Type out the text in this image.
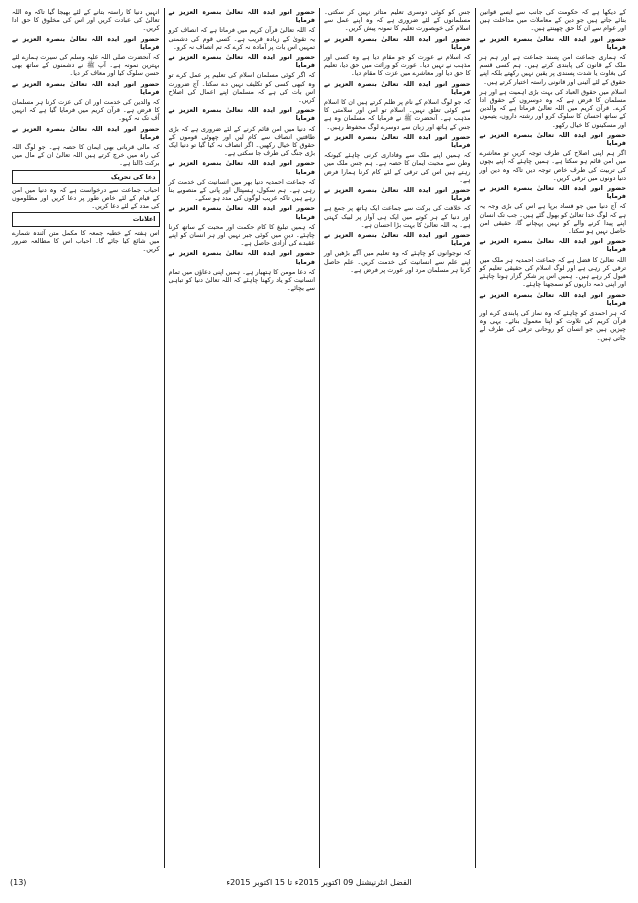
کے دیکھا ہے کہ حکومت کی جانب سے ایسے قوانین بنائے جاتے ہیں جو دین کے معاملات میں مداخلت ہیں اور عوام سے ان کا حق چھینتے ہیں۔

حضور انور ایدہ اللہ تعالیٰ بنصرہ العزیز نے فرمایا

کہ ہماری جماعت امن پسند جماعت ہے اور ہم ہر ملک کے قانون کی پابندی کرتے ہیں۔ ہم کسی قسم کی بغاوت یا شدت پسندی پر یقین نہیں رکھتے بلکہ اپنے حقوق کے لئے آئینی اور قانونی راستہ اختیار کرتے ہیں۔

اسلام میں حقوق العباد کی بہت بڑی اہمیت ہے اور ہر مسلمان کا فرض ہے کہ وہ دوسروں کے حقوق ادا کرے۔ قرآن کریم میں اللہ تعالیٰ فرماتا ہے کہ والدین کے ساتھ احسان کا سلوک کرو اور رشتہ داروں، یتیموں اور مسکینوں کا خیال رکھو۔

حضور انور ایدہ اللہ تعالیٰ بنصرہ العزیز نے فرمایا

اگر ہم اپنی اصلاح کی طرف توجہ کریں تو معاشرے میں امن قائم ہو سکتا ہے۔ ہمیں چاہئے کہ اپنے بچوں کی تربیت کی طرف خاص توجہ دیں تاکہ وہ دین اور دنیا دونوں میں ترقی کریں۔

حضور انور ایدہ اللہ تعالیٰ بنصرہ العزیز نے فرمایا

کہ آج دنیا میں جو فساد برپا ہے اس کی بڑی وجہ یہ ہے کہ لوگ خدا تعالیٰ کو بھول گئے ہیں۔ جب تک انسان اپنے پیدا کرنے والے کو نہیں پہچانے گا، حقیقی امن حاصل نہیں ہو سکتا۔

حضور انور ایدہ اللہ تعالیٰ بنصرہ العزیز نے فرمایا

اللہ تعالیٰ کا فضل ہے کہ جماعت احمدیہ ہر ملک میں ترقی کر رہی ہے اور لوگ اسلام کی حقیقی تعلیم کو قبول کر رہے ہیں۔ ہمیں اس پر شکر گزار ہونا چاہئے اور اپنی ذمہ داریوں کو سمجھنا چاہئے۔

حضور انور ایدہ اللہ تعالیٰ بنصرہ العزیز نے فرمایا

کہ ہر احمدی کو چاہئے کہ وہ نماز کی پابندی کرے اور قرآن کریم کی تلاوت کو اپنا معمول بنائے۔ یہی وہ چیزیں ہیں جو انسان کو روحانی ترقی کی طرف لے جاتی ہیں۔

جس کو کوئی دوسری تعلیم متاثر نہیں کر سکتی۔ مسلمانوں کے لئے ضروری ہے کہ وہ اپنے عمل سے اسلام کی خوبصورت تعلیم کا نمونہ پیش کریں۔

حضور انور ایدہ اللہ تعالیٰ بنصرہ العزیز نے فرمایا

کہ اسلام نے عورت کو جو مقام دیا ہے وہ کسی اور مذہب نے نہیں دیا۔ عورت کو وراثت میں حق دیا، تعلیم کا حق دیا اور معاشرے میں عزت کا مقام دیا۔

حضور انور ایدہ اللہ تعالیٰ بنصرہ العزیز نے فرمایا

کہ جو لوگ اسلام کے نام پر ظلم کرتے ہیں ان کا اسلام سے کوئی تعلق نہیں۔ اسلام تو امن اور سلامتی کا مذہب ہے۔ آنحضرت ﷺ نے فرمایا کہ مسلمان وہ ہے جس کے ہاتھ اور زبان سے دوسرے لوگ محفوظ رہیں۔

حضور انور ایدہ اللہ تعالیٰ بنصرہ العزیز نے فرمایا

کہ ہمیں اپنے ملک سے وفاداری کرنی چاہئے کیونکہ وطن سے محبت ایمان کا حصہ ہے۔ ہم جس ملک میں رہتے ہیں اس کی ترقی کے لئے کام کرنا ہمارا فرض ہے۔

حضور انور ایدہ اللہ تعالیٰ بنصرہ العزیز نے فرمایا

کہ خلافت کی برکت سے جماعت ایک ہاتھ پر جمع ہے اور دنیا کے ہر کونے میں ایک ہی آواز پر لبیک کہتی ہے۔ یہ اللہ تعالیٰ کا بہت بڑا احسان ہے۔

حضور انور ایدہ اللہ تعالیٰ بنصرہ العزیز نے فرمایا

کہ نوجوانوں کو چاہئے کہ وہ تعلیم میں آگے بڑھیں اور اپنے علم سے انسانیت کی خدمت کریں۔ علم حاصل کرنا ہر مسلمان مرد اور عورت پر فرض ہے۔

حضور انور ایدہ اللہ تعالیٰ بنصرہ العزیز نے فرمایا

کہ اللہ تعالیٰ قرآن کریم میں فرماتا ہے کہ انصاف کرو یہ تقویٰ کے زیادہ قریب ہے۔ کسی قوم کی دشمنی تمہیں اس بات پر آمادہ نہ کرے کہ تم انصاف نہ کرو۔

حضور انور ایدہ اللہ تعالیٰ بنصرہ العزیز نے فرمایا

کہ اگر کوئی مسلمان اسلام کی تعلیم پر عمل کرے تو وہ کبھی کسی کو تکلیف نہیں دے سکتا۔ آج ضرورت اس بات کی ہے کہ مسلمان اپنے اعمال کی اصلاح کریں۔

حضور انور ایدہ اللہ تعالیٰ بنصرہ العزیز نے فرمایا

کہ دنیا میں امن قائم کرنے کے لئے ضروری ہے کہ بڑی طاقتیں انصاف سے کام لیں اور چھوٹی قوموں کے حقوق کا خیال رکھیں۔ اگر انصاف نہ کیا گیا تو دنیا ایک بڑی جنگ کی طرف جا سکتی ہے۔

حضور انور ایدہ اللہ تعالیٰ بنصرہ العزیز نے فرمایا

کہ جماعت احمدیہ دنیا بھر میں انسانیت کی خدمت کر رہی ہے۔ ہم سکول، ہسپتال اور پانی کے منصوبے بنا رہے ہیں تاکہ غریب لوگوں کی مدد ہو سکے۔

حضور انور ایدہ اللہ تعالیٰ بنصرہ العزیز نے فرمایا

کہ ہمیں تبلیغ کا کام حکمت اور محبت کے ساتھ کرنا چاہئے۔ دین میں کوئی جبر نہیں اور ہر انسان کو اپنے عقیدے کی آزادی حاصل ہے۔

حضور انور ایدہ اللہ تعالیٰ بنصرہ العزیز نے فرمایا

کہ دعا مومن کا ہتھیار ہے۔ ہمیں اپنی دعاؤں میں تمام انسانیت کو یاد رکھنا چاہئے کہ اللہ تعالیٰ دنیا کو تباہی سے بچائے۔

انہیں دنیا کا راستہ بتانے کے لئے بھیجا گیا تاکہ وہ اللہ تعالیٰ کی عبادت کریں اور اس کی مخلوق کا حق ادا کریں۔

حضور انور ایدہ اللہ تعالیٰ بنصرہ العزیز نے فرمایا

کہ آنحضرت صلی اللہ علیہ وسلم کی سیرت ہمارے لئے بہترین نمونہ ہے۔ آپ ﷺ نے دشمنوں کے ساتھ بھی حسن سلوک کیا اور معاف کر دیا۔

حضور انور ایدہ اللہ تعالیٰ بنصرہ العزیز نے فرمایا

کہ والدین کی خدمت اور ان کی عزت کرنا ہر مسلمان کا فرض ہے۔ قرآن کریم میں فرمایا گیا ہے کہ انہیں اُف تک نہ کہو۔

حضور انور ایدہ اللہ تعالیٰ بنصرہ العزیز نے فرمایا

کہ مالی قربانی بھی ایمان کا حصہ ہے۔ جو لوگ اللہ کی راہ میں خرچ کرتے ہیں اللہ تعالیٰ ان کے مال میں برکت ڈالتا ہے۔

دعا کی تحریک

احباب جماعت سے درخواست ہے کہ وہ دنیا میں امن کے قیام کے لئے خاص طور پر دعا کریں اور مظلوموں کی مدد کے لئے دعا کریں۔

اعلانات

اس ہفتہ کے خطبہ جمعہ کا مکمل متن آئندہ شمارے میں شائع کیا جائے گا۔ احباب اس کا مطالعہ ضرور کریں۔

الفضل انٹرنیشنل 09 اکتوبر 2015ء تا 15 اکتوبر 2015ء
(13)
